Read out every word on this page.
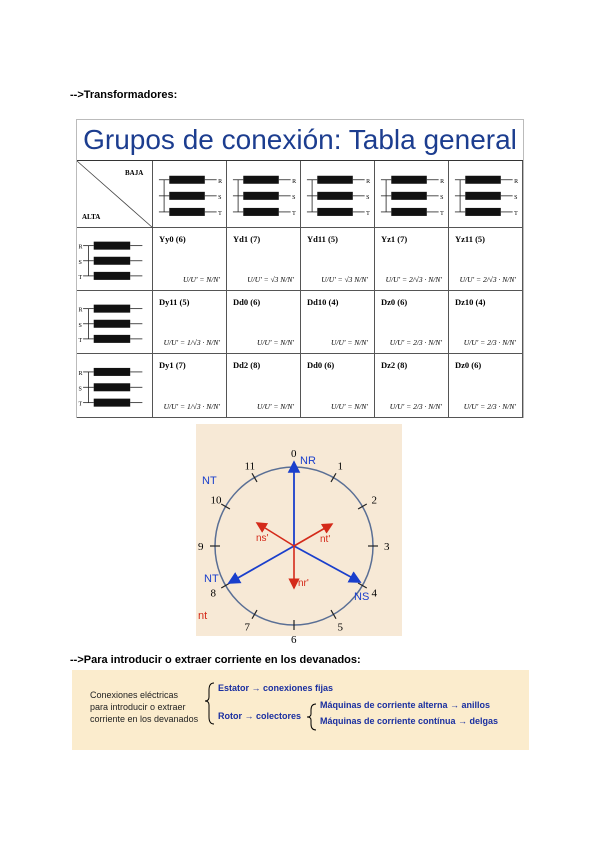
-->Transformadores:
Grupos de conexión: Tabla general
BAJA
ALTA
R
S
T
R
S
T
R
S
T
R
S
T
R
S
T
R
S
T
Yy0 (6)
U/U' = N/N'
Yd1 (7)
U/U' = √3 N/N'
Yd11 (5)
U/U' = √3 N/N'
Yz1 (7)
U/U' = 2/√3 · N/N'
Yz11 (5)
U/U' = 2/√3 · N/N'
R
S
T
Dy11 (5)
U/U' = 1/√3 · N/N'
Dd0 (6)
U/U' = N/N'
Dd10 (4)
U/U' = N/N'
Dz0 (6)
U/U' = 2/3 · N/N'
Dz10 (4)
U/U' = 2/3 · N/N'
R
S
T
Dy1 (7)
U/U' = 1/√3 · N/N'
Dd2 (8)
U/U' = N/N'
Dd0 (6)
U/U' = N/N'
Dz2 (8)
U/U' = 2/3 · N/N'
Dz0 (6)
U/U' = 2/3 · N/N'
0
1
2
3
4
5
6
7
8
9
10
11	NR
NS
NT
NT
ns'	nt'
nr'
nt
-->Para introducir o extraer corriente en los devanados:
Conexiones eléctricas
para introducir o extraer
corriente en los devanados
Estator → conexiones fijas
Rotor → colectores
Máquinas de corriente alterna → anillos
Máquinas de corriente contínua → delgas
